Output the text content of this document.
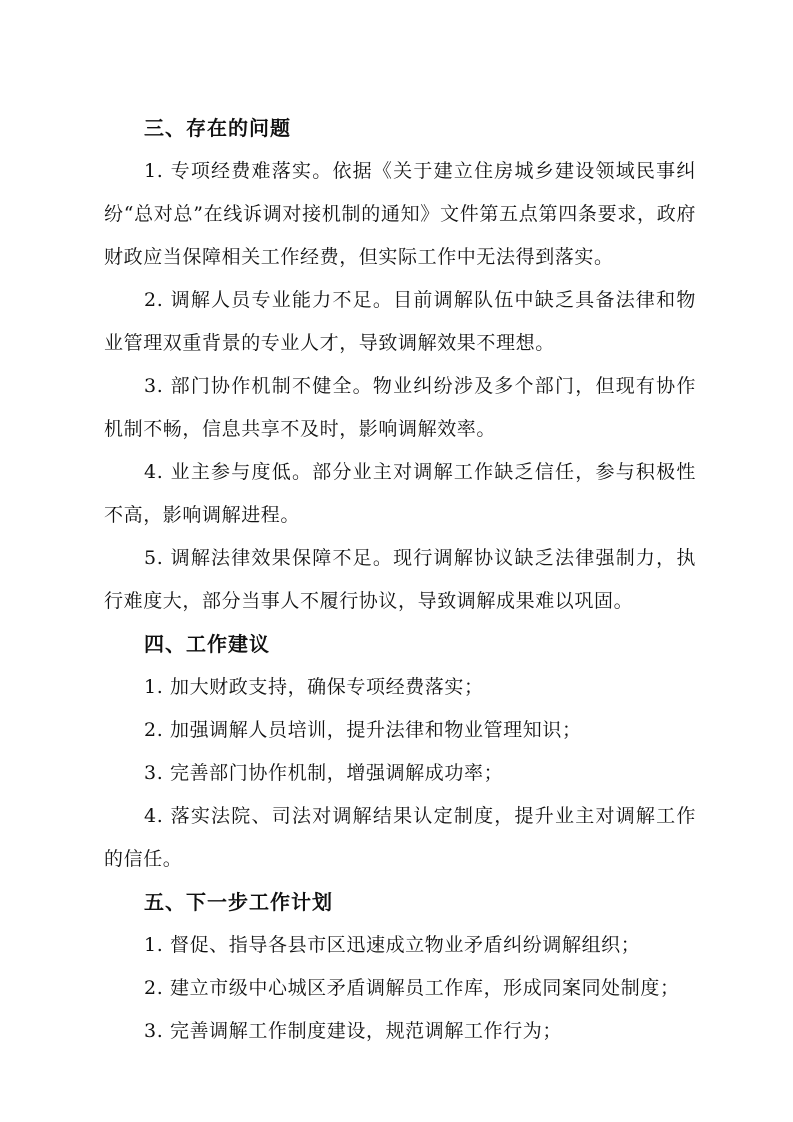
三、存在的问题

1. 专项经费难落实。依据《关于建立住房城乡建设领域民事纠纷“总对总”在线诉调对接机制的通知》文件第五点第四条要求，政府财政应当保障相关工作经费，但实际工作中无法得到落实。

2. 调解人员专业能力不足。目前调解队伍中缺乏具备法律和物业管理双重背景的专业人才，导致调解效果不理想。

3. 部门协作机制不健全。物业纠纷涉及多个部门，但现有协作机制不畅，信息共享不及时，影响调解效率。

4. 业主参与度低。部分业主对调解工作缺乏信任，参与积极性不高，影响调解进程。

5. 调解法律效果保障不足。现行调解协议缺乏法律强制力，执行难度大，部分当事人不履行协议，导致调解成果难以巩固。

四、工作建议

1. 加大财政支持，确保专项经费落实；

2. 加强调解人员培训，提升法律和物业管理知识；

3. 完善部门协作机制，增强调解成功率；

4. 落实法院、司法对调解结果认定制度，提升业主对调解工作的信任。

五、下一步工作计划

1. 督促、指导各县市区迅速成立物业矛盾纠纷调解组织；

2. 建立市级中心城区矛盾调解员工作库，形成同案同处制度；

3. 完善调解工作制度建设，规范调解工作行为；
